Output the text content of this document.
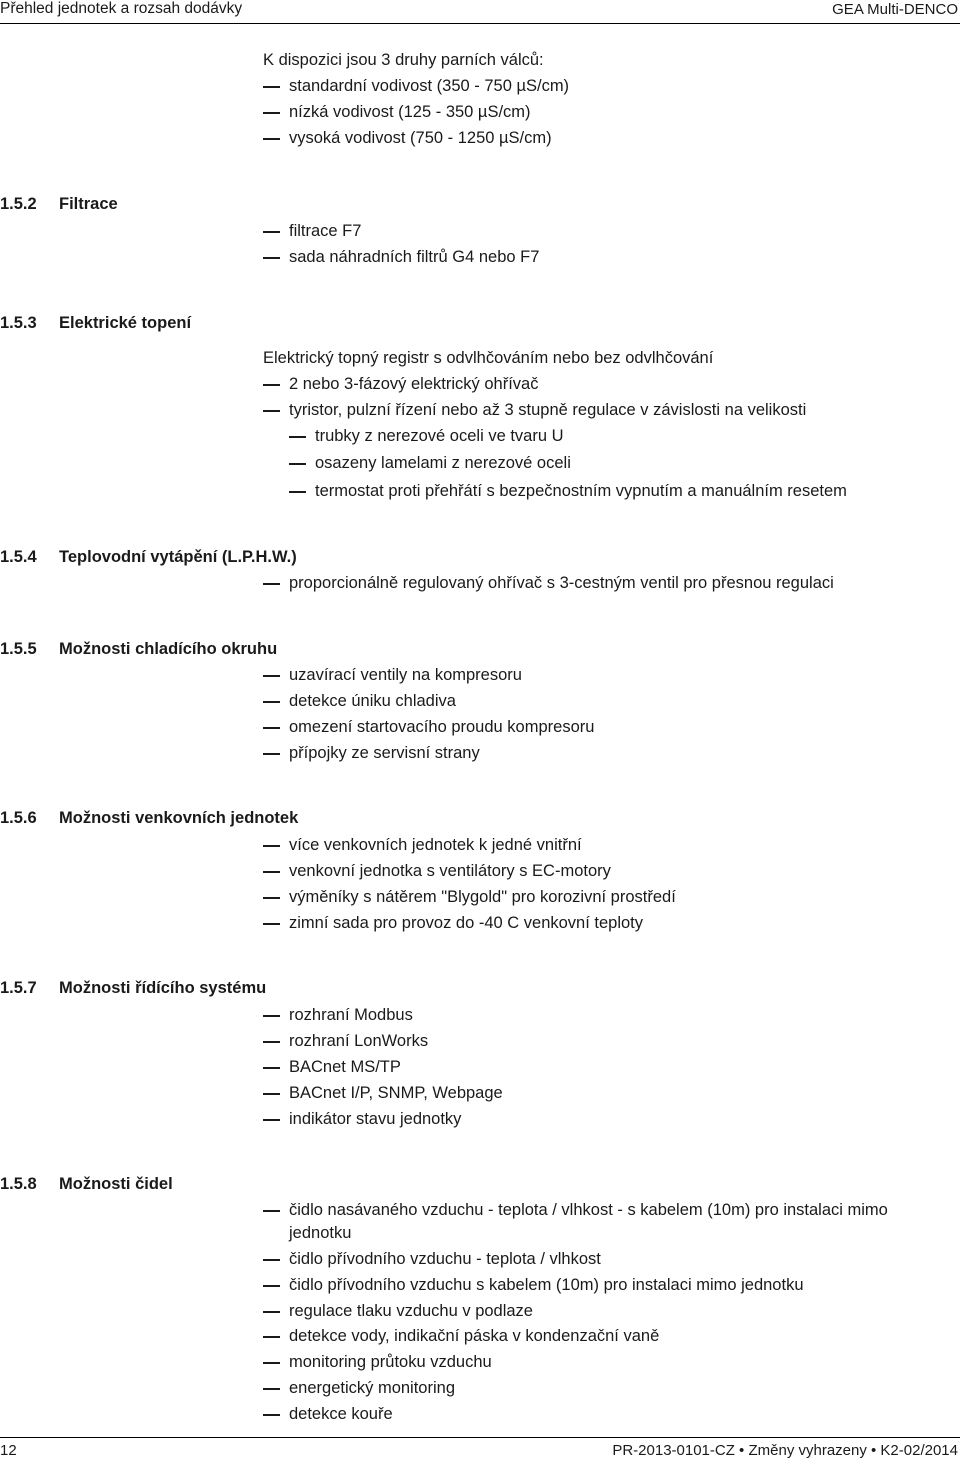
Přehled jednotek a rozsah dodávky	GEA Multi-DENCO
K dispozici jsou 3 druhy parních válců:
standardní vodivost (350 - 750 µS/cm)
nízká vodivost (125 - 350 µS/cm)
vysoká vodivost (750 - 1250 µS/cm)
1.5.2 Filtrace
filtrace F7
sada náhradních filtrů G4 nebo F7
1.5.3 Elektrické topení
Elektrický topný registr s odvlhčováním nebo bez odvlhčování
2 nebo 3-fázový elektrický ohřívač
tyristor, pulzní řízení nebo až 3 stupně regulace v závislosti na velikosti
trubky z nerezové oceli ve tvaru U
osazeny lamelami z nerezové oceli
termostat proti přehřátí s bezpečnostním vypnutím a manuálním resetem
1.5.4 Teplovodní vytápění (L.P.H.W.)
proporcionálně regulovaný ohřívač s 3-cestným ventil pro přesnou regulaci
1.5.5 Možnosti chladícího okruhu
uzavírací ventily na kompresoru
detekce úniku chladiva
omezení startovacího proudu kompresoru
přípojky ze servisní strany
1.5.6 Možnosti venkovních jednotek
více venkovních jednotek k jedné vnitřní
venkovní jednotka s ventilátory s EC-motory
výměníky s nátěrem "Blygold" pro korozivní prostředí
zimní sada pro provoz do -40 C venkovní teploty
1.5.7 Možnosti řídícího systému
rozhraní Modbus
rozhraní LonWorks
BACnet MS/TP
BACnet I/P, SNMP, Webpage
indikátor stavu jednotky
1.5.8 Možnosti čidel
čidlo nasávaného vzduchu - teplota / vlhkost - s kabelem (10m) pro instalaci mimo
jednotku
čidlo přívodního vzduchu - teplota / vlhkost
čidlo přívodního vzduchu s kabelem (10m) pro instalaci mimo jednotku
regulace tlaku vzduchu v podlaze
detekce vody, indikační páska v kondenzační vaně
monitoring průtoku vzduchu
energetický monitoring
detekce kouře
12	PR-2013-0101-CZ • Změny vyhrazeny • K2-02/2014
